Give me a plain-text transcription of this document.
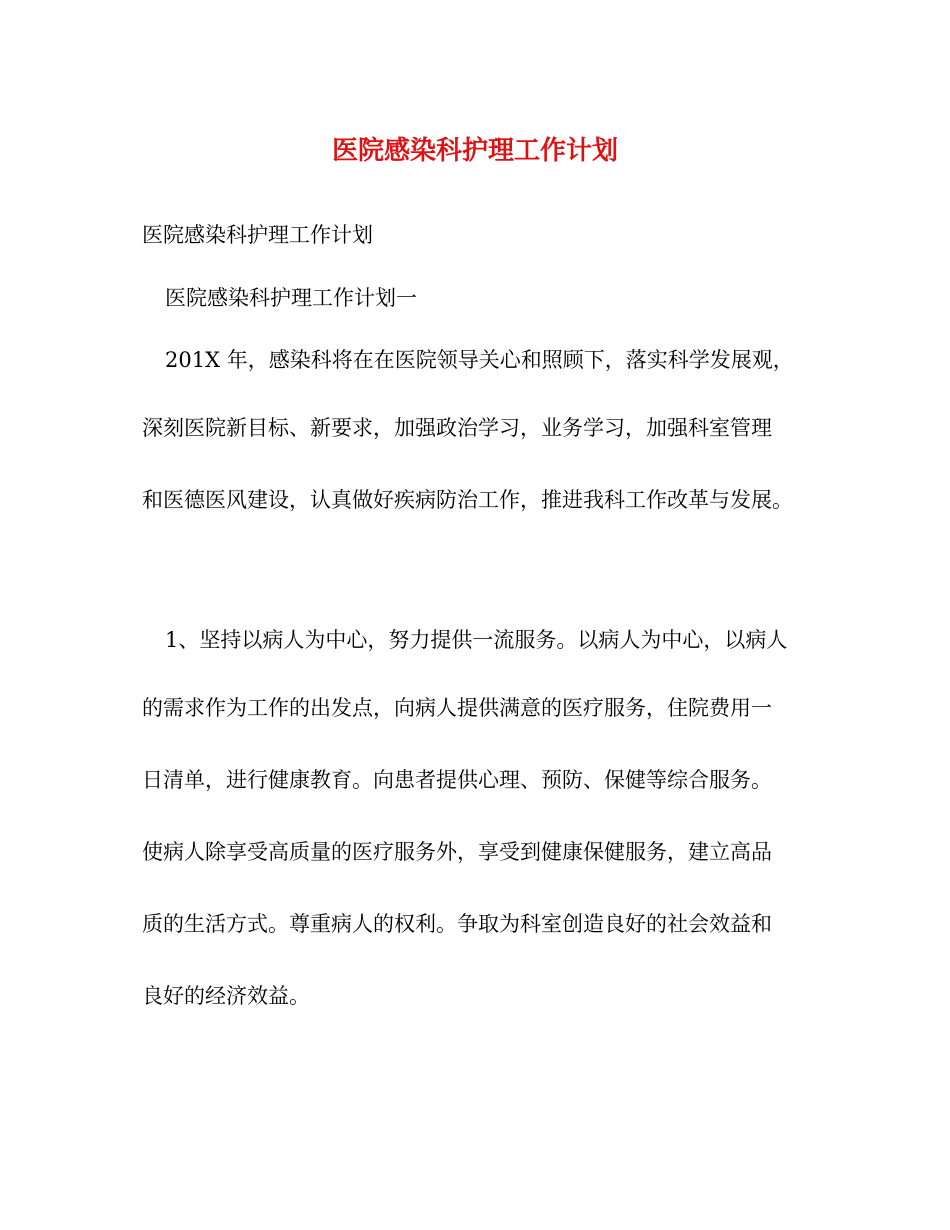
医院感染科护理工作计划

医院感染科护理工作计划

医院感染科护理工作计划一

201X 年，感染科将在在医院领导关心和照顾下，落实科学发展观，

深刻医院新目标、新要求，加强政治学习，业务学习，加强科室管理

和医德医风建设，认真做好疾病防治工作，推进我科工作改革与发展。

1、坚持以病人为中心，努力提供一流服务。以病人为中心，以病人

的需求作为工作的出发点，向病人提供满意的医疗服务，住院费用一

日清单，进行健康教育。向患者提供心理、预防、保健等综合服务。

使病人除享受高质量的医疗服务外，享受到健康保健服务，建立高品

质的生活方式。尊重病人的权利。争取为科室创造良好的社会效益和

良好的经济效益。
